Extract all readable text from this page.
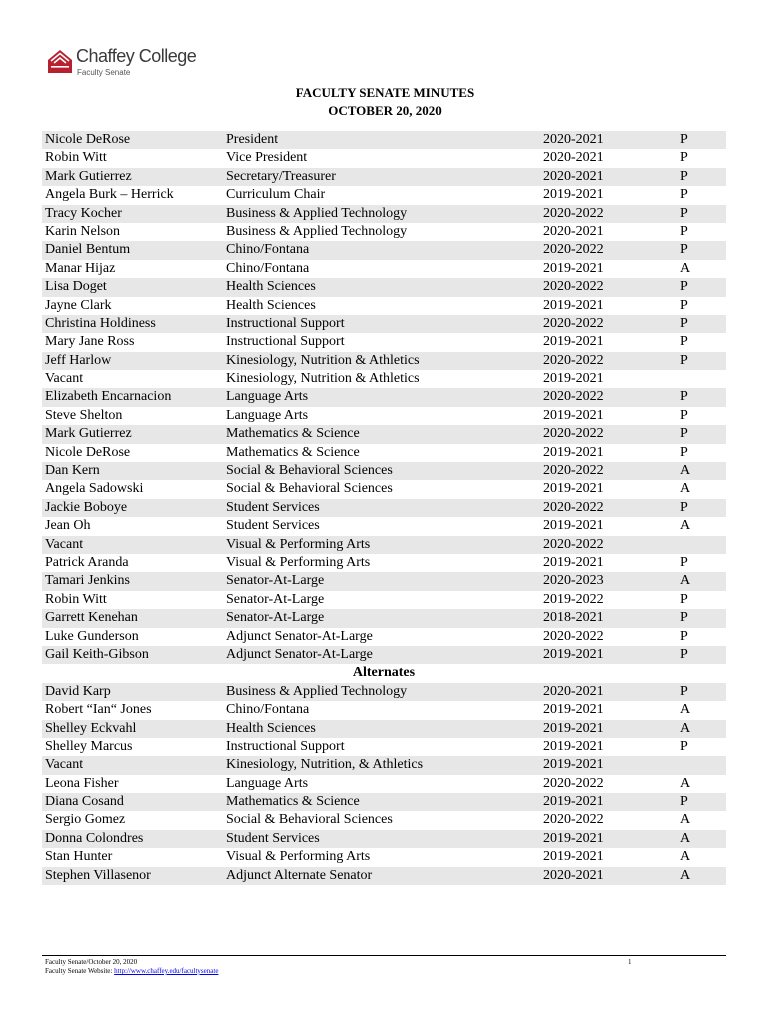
Chaffey College
Faculty Senate
FACULTY SENATE MINUTES
OCTOBER 20, 2020
Nicole DeRose	President	2020-2021	P
Robin Witt	Vice President	2020-2021	P
Mark Gutierrez	Secretary/Treasurer	2020-2021	P
Angela Burk – Herrick	Curriculum Chair	2019-2021	P
Tracy Kocher	Business & Applied Technology	2020-2022	P
Karin Nelson	Business & Applied Technology	2020-2021	P
Daniel Bentum	Chino/Fontana	2020-2022	P
Manar Hijaz	Chino/Fontana	2019-2021	A
Lisa Doget	Health Sciences	2020-2022	P
Jayne Clark	Health Sciences	2019-2021	P
Christina Holdiness	Instructional Support	2020-2022	P
Mary Jane Ross	Instructional Support	2019-2021	P
Jeff Harlow	Kinesiology, Nutrition & Athletics	2020-2022	P
Vacant	Kinesiology, Nutrition & Athletics	2019-2021
Elizabeth Encarnacion	Language Arts	2020-2022	P
Steve Shelton	Language Arts	2019-2021	P
Mark Gutierrez	Mathematics & Science	2020-2022	P
Nicole DeRose	Mathematics & Science	2019-2021	P
Dan Kern	Social & Behavioral Sciences	2020-2022	A
Angela Sadowski	Social & Behavioral Sciences	2019-2021	A
Jackie Boboye	Student Services	2020-2022	P
Jean Oh	Student Services	2019-2021	A
Vacant	Visual & Performing Arts	2020-2022
Patrick Aranda	Visual & Performing Arts	2019-2021	P
Tamari Jenkins	Senator-At-Large	2020-2023	A
Robin Witt	Senator-At-Large	2019-2022	P
Garrett Kenehan	Senator-At-Large	2018-2021	P
Luke Gunderson	Adjunct Senator-At-Large	2020-2022	P
Gail Keith-Gibson	Adjunct Senator-At-Large	2019-2021	P
Alternates
David Karp	Business & Applied Technology	2020-2021	P
Robert “Ian“ Jones	Chino/Fontana	2019-2021	A
Shelley Eckvahl	Health Sciences	2019-2021	A
Shelley Marcus	Instructional Support	2019-2021	P
Vacant	Kinesiology, Nutrition, & Athletics	2019-2021
Leona Fisher	Language Arts	2020-2022	A
Diana Cosand	Mathematics & Science	2019-2021	P
Sergio Gomez	Social & Behavioral Sciences	2020-2022	A
Donna Colondres	Student Services	2019-2021	A
Stan Hunter	Visual & Performing Arts	2019-2021	A
Stephen Villasenor	Adjunct Alternate Senator	2020-2021	A
Faculty Senate/October 20, 2020
Faculty Senate Website: http://www.chaffey.edu/facultysenate
1
